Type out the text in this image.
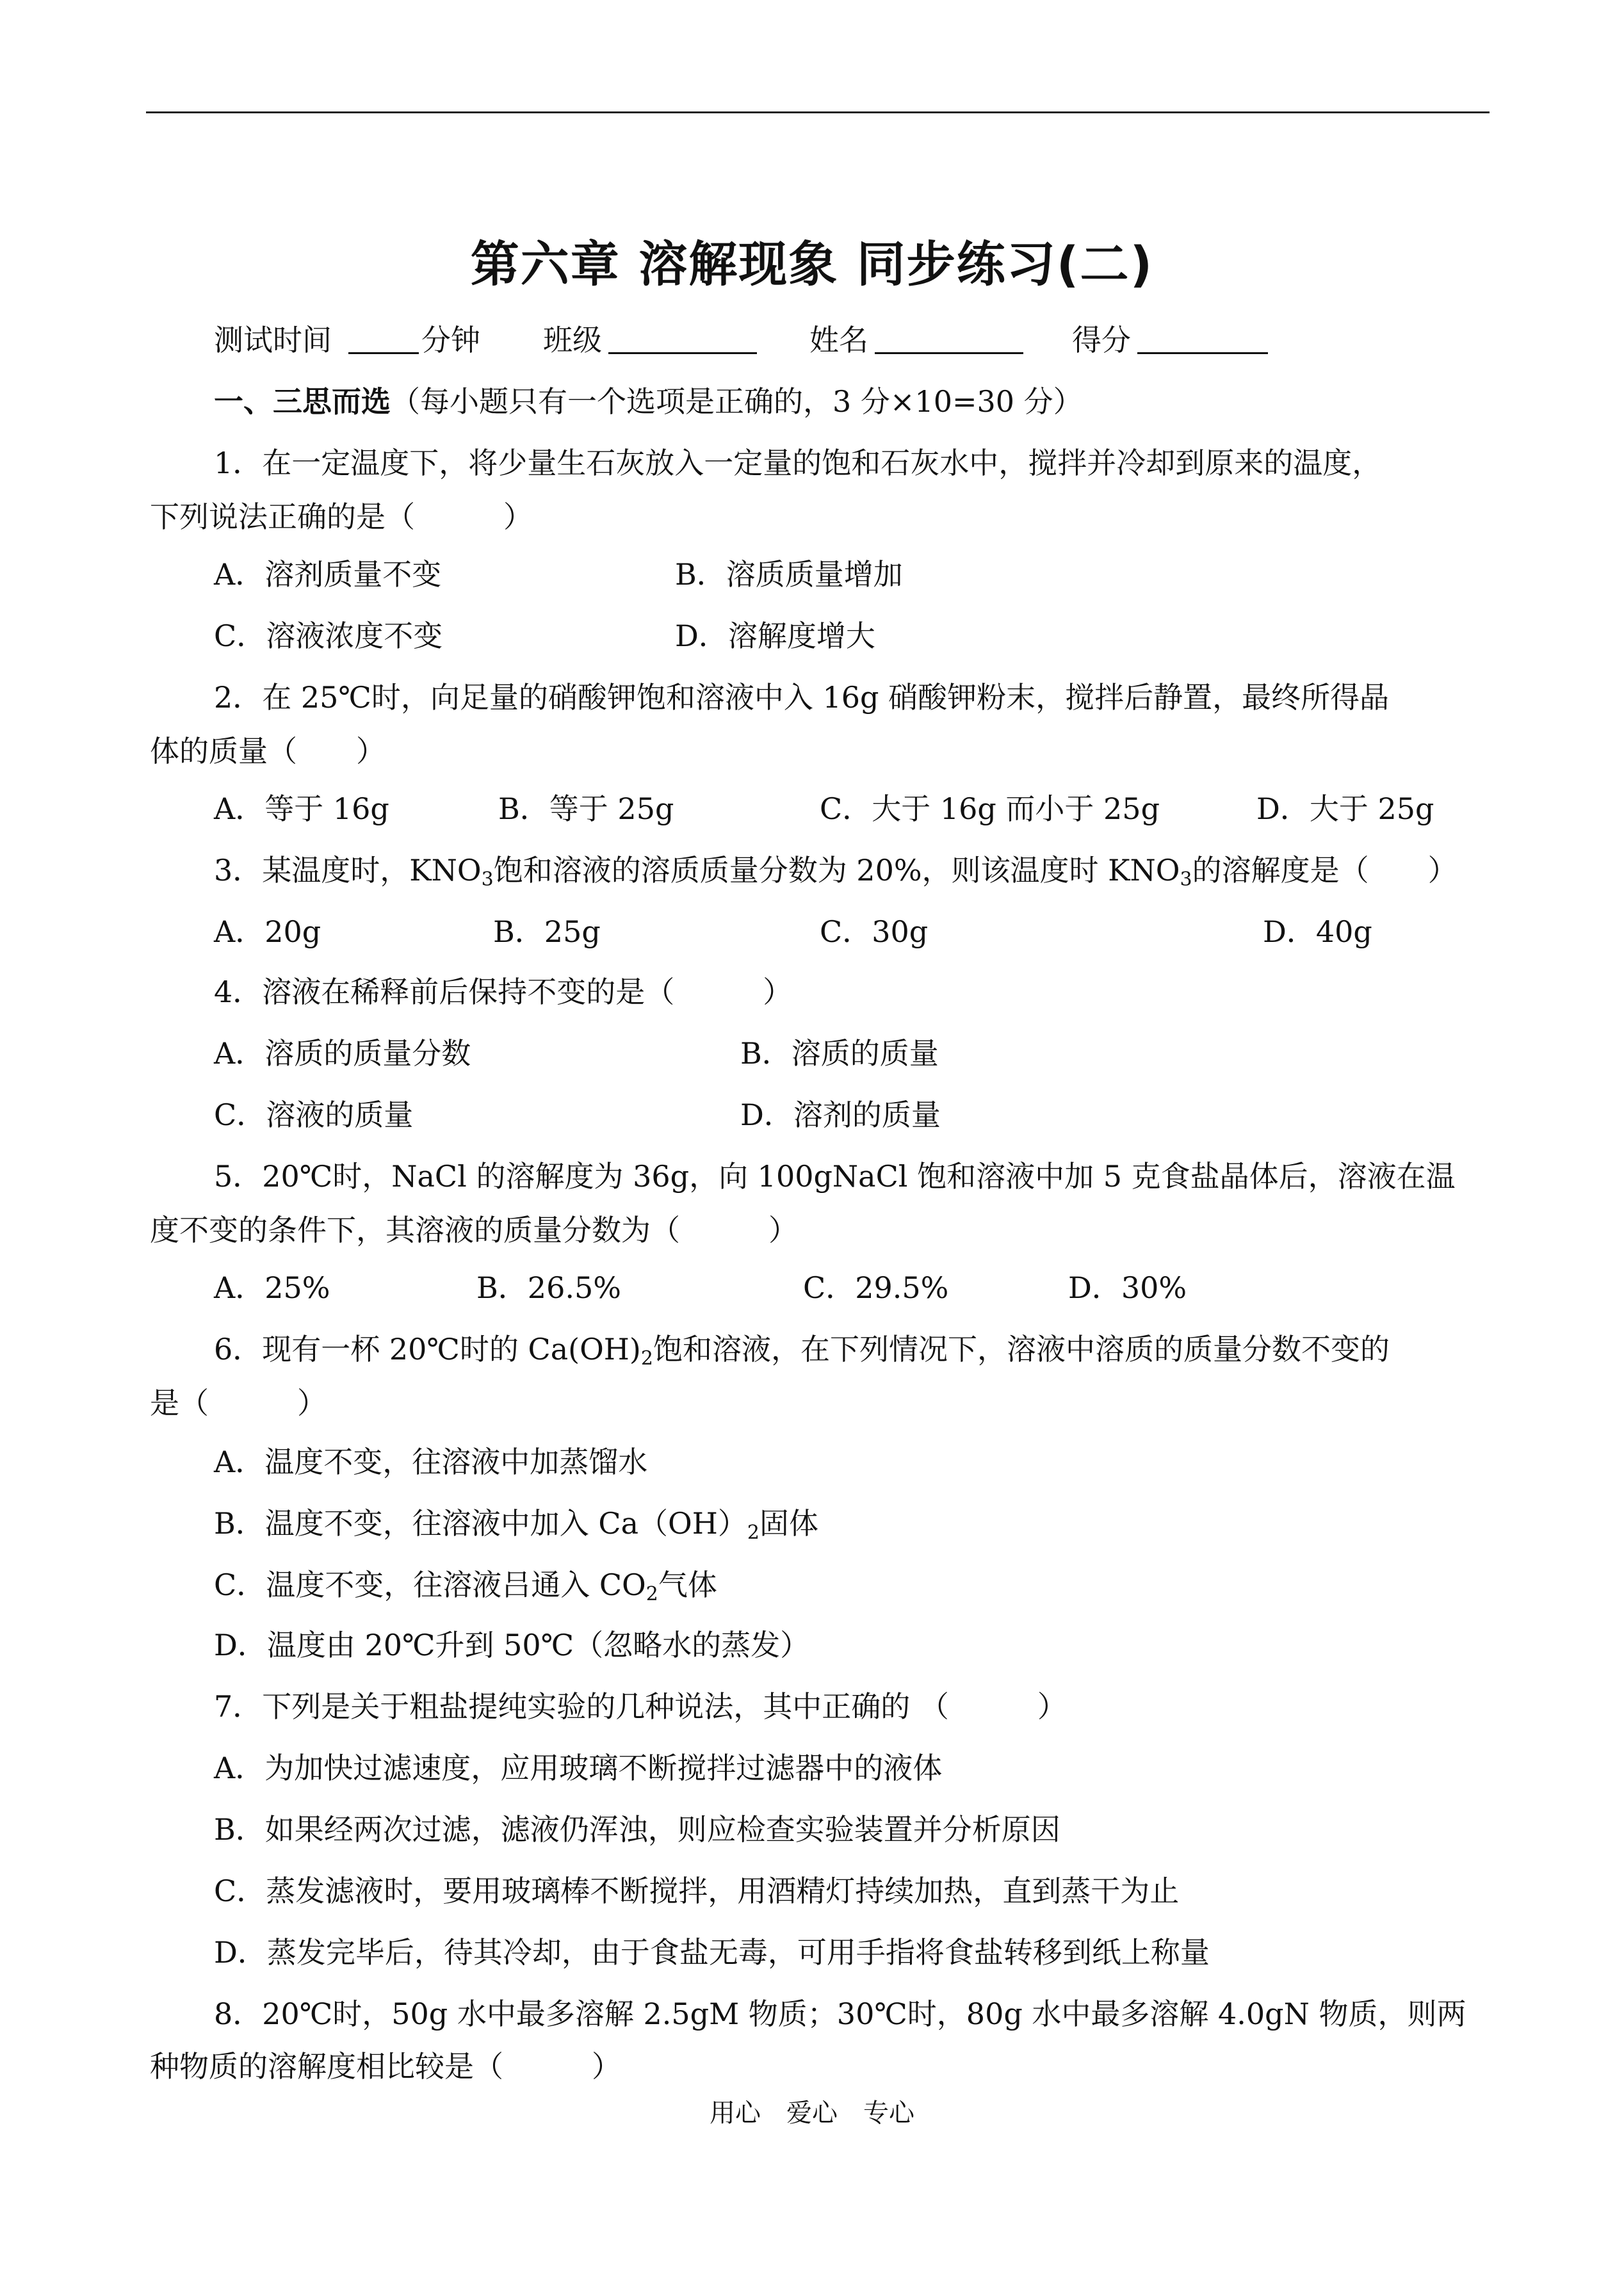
第六章 溶解现象 同步练习(二)
测试时间	分钟 班级	姓名	得分
一、三思而选（每小题只有一个选项是正确的，3 分×10=30 分）
1．在一定温度下，将少量生石灰放入一定量的饱和石灰水中，搅拌并冷却到原来的温度，
下列说法正确的是（　　　）
A．溶剂质量不变	B．溶质质量增加
C．溶液浓度不变	D．溶解度增大
2．在 25℃时，向足量的硝酸钾饱和溶液中入 16g 硝酸钾粉末，搅拌后静置，最终所得晶
体的质量（　　）
A．等于 16g	B．等于 25g	C．大于 16g 而小于 25g	D．大于 25g
3．某温度时，$KNO_3$饱和溶液的溶质质量分数为 20%，则该温度时 $KNO_3$的溶解度是（　　）
A．20g	B．25g	C．30g	D．40g
4．溶液在稀释前后保持不变的是（　　　）
A．溶质的质量分数	B．溶质的质量
C．溶液的质量	D．溶剂的质量
5．20℃时，NaCl 的溶解度为 36g，向 100gNaCl 饱和溶液中加 5 克食盐晶体后，溶液在温
度不变的条件下，其溶液的质量分数为（　　　）
A．25%	B．26.5%	C．29.5%	D．30%
6．现有一杯 20℃时的 $Ca(OH)_2$饱和溶液，在下列情况下，溶液中溶质的质量分数不变的
是（　　　）
A．温度不变，往溶液中加蒸馏水
B．温度不变，往溶液中加入 $Ca(OH)_2$固体
C．温度不变，往溶液吕通入 $CO_2$气体
D．温度由 20℃升到 50℃（忽略水的蒸发）
7．下列是关于粗盐提纯实验的几种说法，其中正确的 （　　　）
A．为加快过滤速度，应用玻璃不断搅拌过滤器中的液体
B．如果经两次过滤，滤液仍浑浊，则应检查实验装置并分析原因
C．蒸发滤液时，要用玻璃棒不断搅拌，用酒精灯持续加热，直到蒸干为止
D．蒸发完毕后，待其冷却，由于食盐无毒，可用手指将食盐转移到纸上称量
8．20℃时，50g 水中最多溶解 2.5gM 物质；30℃时，80g 水中最多溶解 4.0gN 物质，则两
种物质的溶解度相比较是（　　　）
用心　爱心　专心
